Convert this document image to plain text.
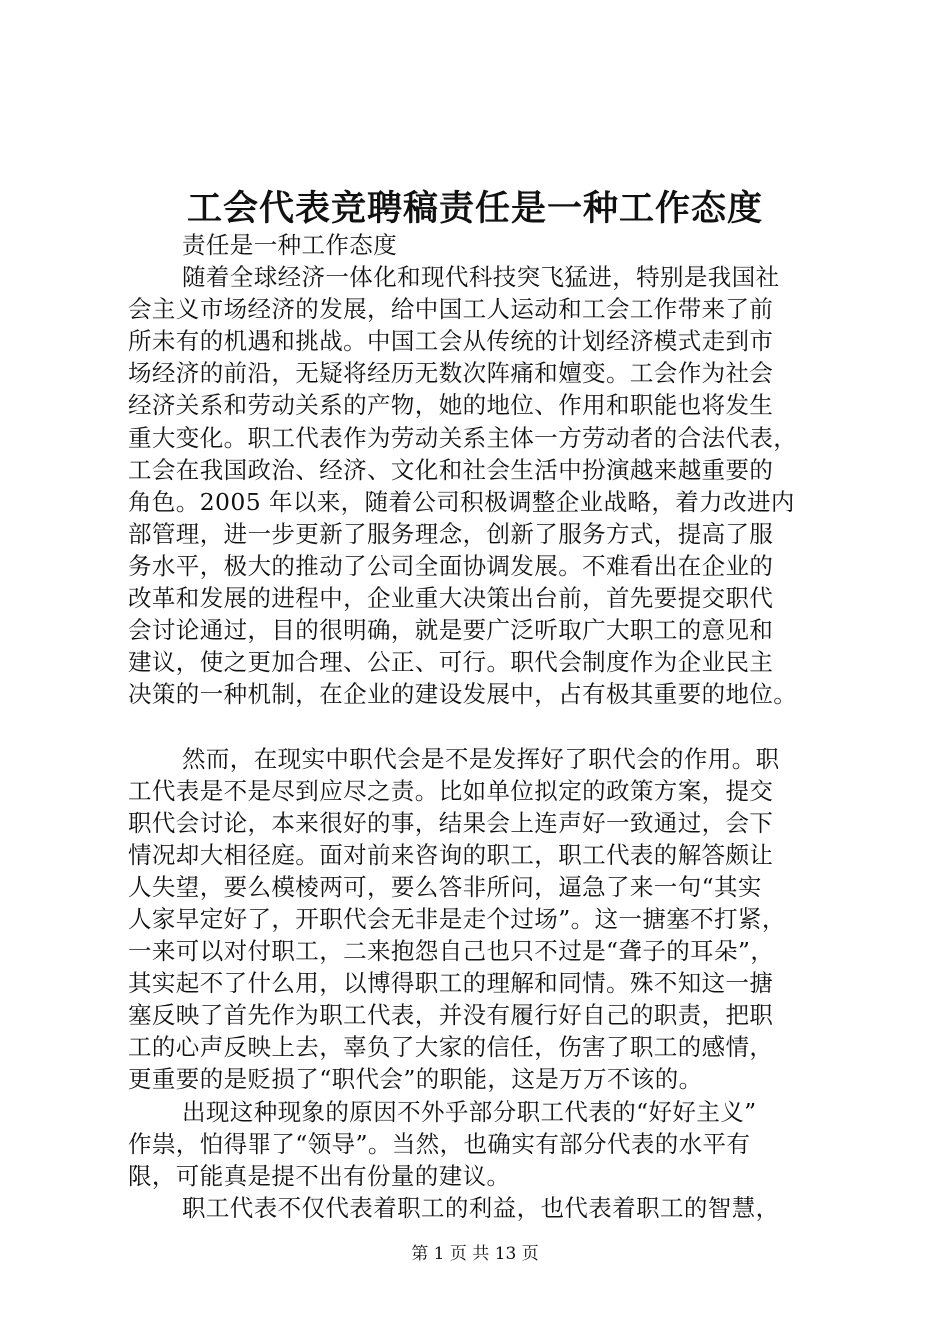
工会代表竞聘稿责任是一种工作态度
责任是一种工作态度
随着全球经济一体化和现代科技突飞猛进，特别是我国社
会主义市场经济的发展，给中国工人运动和工会工作带来了前
所未有的机遇和挑战。中国工会从传统的计划经济模式走到市
场经济的前沿，无疑将经历无数次阵痛和嬗变。工会作为社会
经济关系和劳动关系的产物，她的地位、作用和职能也将发生
重大变化。职工代表作为劳动关系主体一方劳动者的合法代表，
工会在我国政治、经济、文化和社会生活中扮演越来越重要的
角色。2005 年以来，随着公司积极调整企业战略，着力改进内
部管理，进一步更新了服务理念，创新了服务方式，提高了服
务水平，极大的推动了公司全面协调发展。不难看出在企业的
改革和发展的进程中，企业重大决策出台前，首先要提交职代
会讨论通过，目的很明确，就是要广泛听取广大职工的意见和
建议，使之更加合理、公正、可行。职代会制度作为企业民主
决策的一种机制，在企业的建设发展中，占有极其重要的地位。
然而，在现实中职代会是不是发挥好了职代会的作用。职
工代表是不是尽到应尽之责。比如单位拟定的政策方案，提交
职代会讨论，本来很好的事，结果会上连声好一致通过，会下
情况却大相径庭。面对前来咨询的职工，职工代表的解答颇让
人失望，要么模棱两可，要么答非所问，逼急了来一句“其实
人家早定好了，开职代会无非是走个过场”。这一搪塞不打紧，
一来可以对付职工，二来抱怨自己也只不过是“聋子的耳朵”，
其实起不了什么用，以博得职工的理解和同情。殊不知这一搪
塞反映了首先作为职工代表，并没有履行好自己的职责，把职
工的心声反映上去，辜负了大家的信任，伤害了职工的感情，
更重要的是贬损了“职代会”的职能，这是万万不该的。
出现这种现象的原因不外乎部分职工代表的“好好主义”
作祟，怕得罪了“领导”。当然，也确实有部分代表的水平有
限，可能真是提不出有份量的建议。
职工代表不仅代表着职工的利益，也代表着职工的智慧，
第 1 页 共 13 页
